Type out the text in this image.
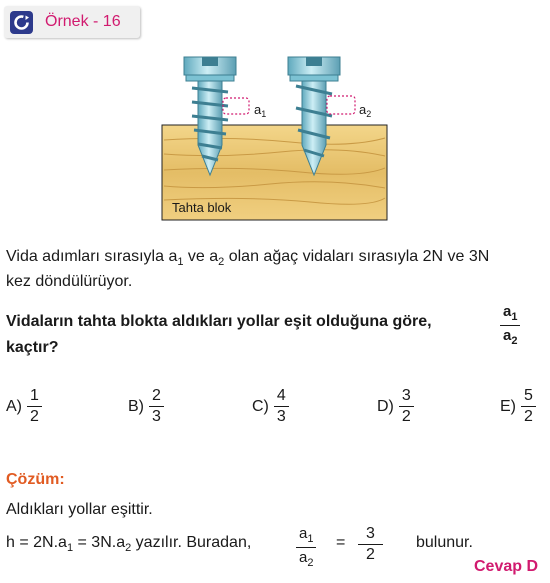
Örnek - 16
$a_1$	$a_2$
Tahta blok
Vida adımları sırasıyla $a_1$ ve $a_2$ olan ağaç vidaları sırasıyla 2N ve 3N
kez döndülürüyor.
Vidaların tahta blokta aldıkları yollar eşit olduğuna göre,
kaçtır?
$\frac{a_1}{a_2}$
$A) \frac{1}{2}$	$B) \frac{2}{3}$	$C) \frac{4}{3}$	$D) \frac{3}{2}$	$E) \frac{5}{2}$
Çözüm:
Aldıkları yollar eşittir.
$h = 2N.a_1 = 3N.a_2$ yazılır. Buradan,	$\frac{a_1}{a_2} = \frac{3}{2}$ bulunur.
Cevap D
